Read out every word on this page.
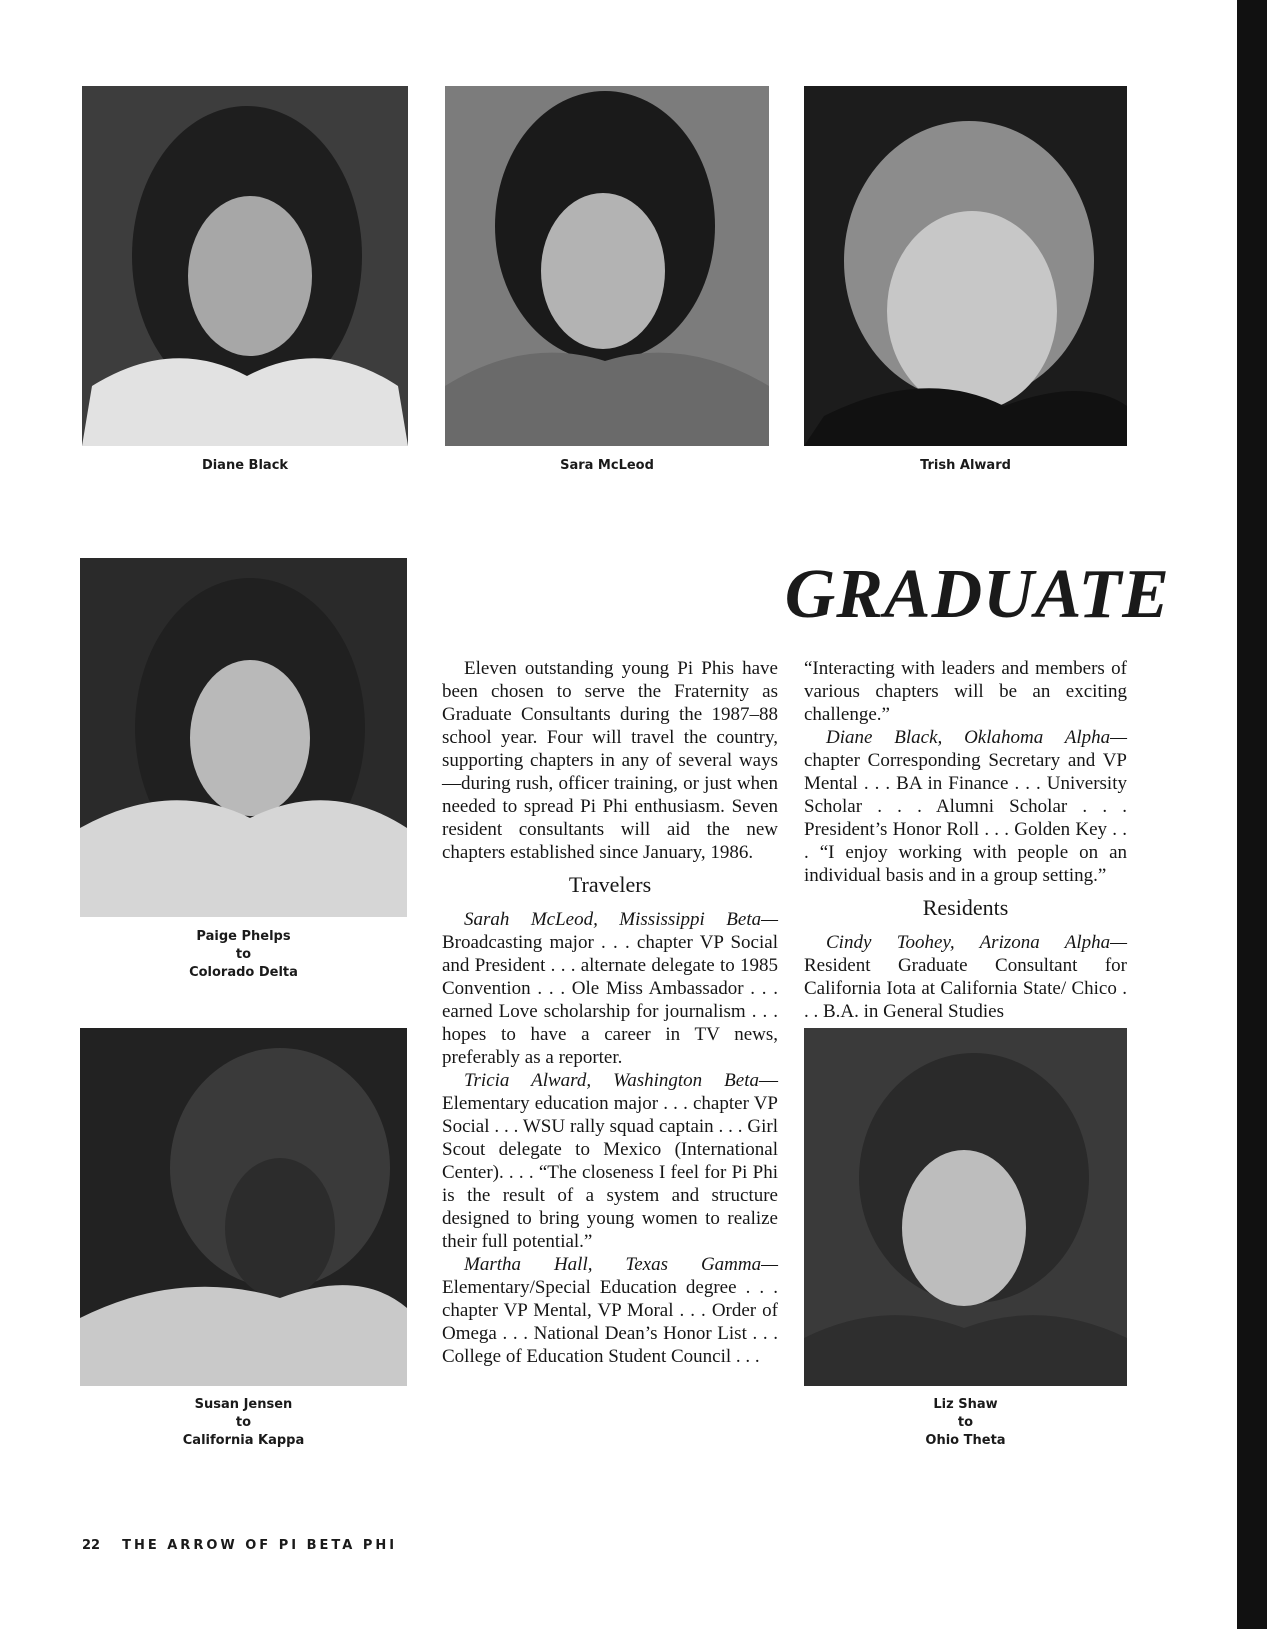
Diane Black	Sara McLeod	Trish Alward
Paige Phelps
to
Colorado Delta
Susan Jensen
to
California Kappa
Liz Shaw
to
Ohio Theta
GRADUATE

Eleven outstanding young Pi Phis have been chosen to serve the Fraternity as Graduate Consultants during the 1987–88 school year. Four will travel the country, supporting chapters in any of several ways—during rush, officer training, or just when needed to spread Pi Phi enthusiasm. Seven resident consultants will aid the new chapters established since January, 1986.

Travelers

Sarah McLeod, Mississippi Beta—Broadcasting major . . . chapter VP Social and President . . . alternate delegate to 1985 Convention . . . Ole Miss Ambassador . . . earned Love scholarship for journalism . . . hopes to have a career in TV news, preferably as a reporter.

Tricia Alward, Washington Beta—Elementary education major . . . chapter VP Social . . . WSU rally squad captain . . . Girl Scout delegate to Mexico (International Center). . . . “The closeness I feel for Pi Phi is the result of a system and structure designed to bring young women to realize their full potential.”

Martha Hall, Texas Gamma—Elementary/Special Education degree . . . chapter VP Mental, VP Moral . . . Order of Omega . . . National Dean’s Honor List . . . College of Education Student Council . . .

“Interacting with leaders and members of various chapters will be an exciting challenge.”

Diane Black, Oklahoma Alpha—chapter Corresponding Secretary and VP Mental . . . BA in Finance . . . University Scholar . . . Alumni Scholar . . . President’s Honor Roll . . . Golden Key . . . “I enjoy working with people on an individual basis and in a group setting.”

Residents

Cindy Toohey, Arizona Alpha—Resident Graduate Consultant for California Iota at California State/ Chico . . . B.A. in General Studies

22 THE ARROW OF PI BETA PHI
